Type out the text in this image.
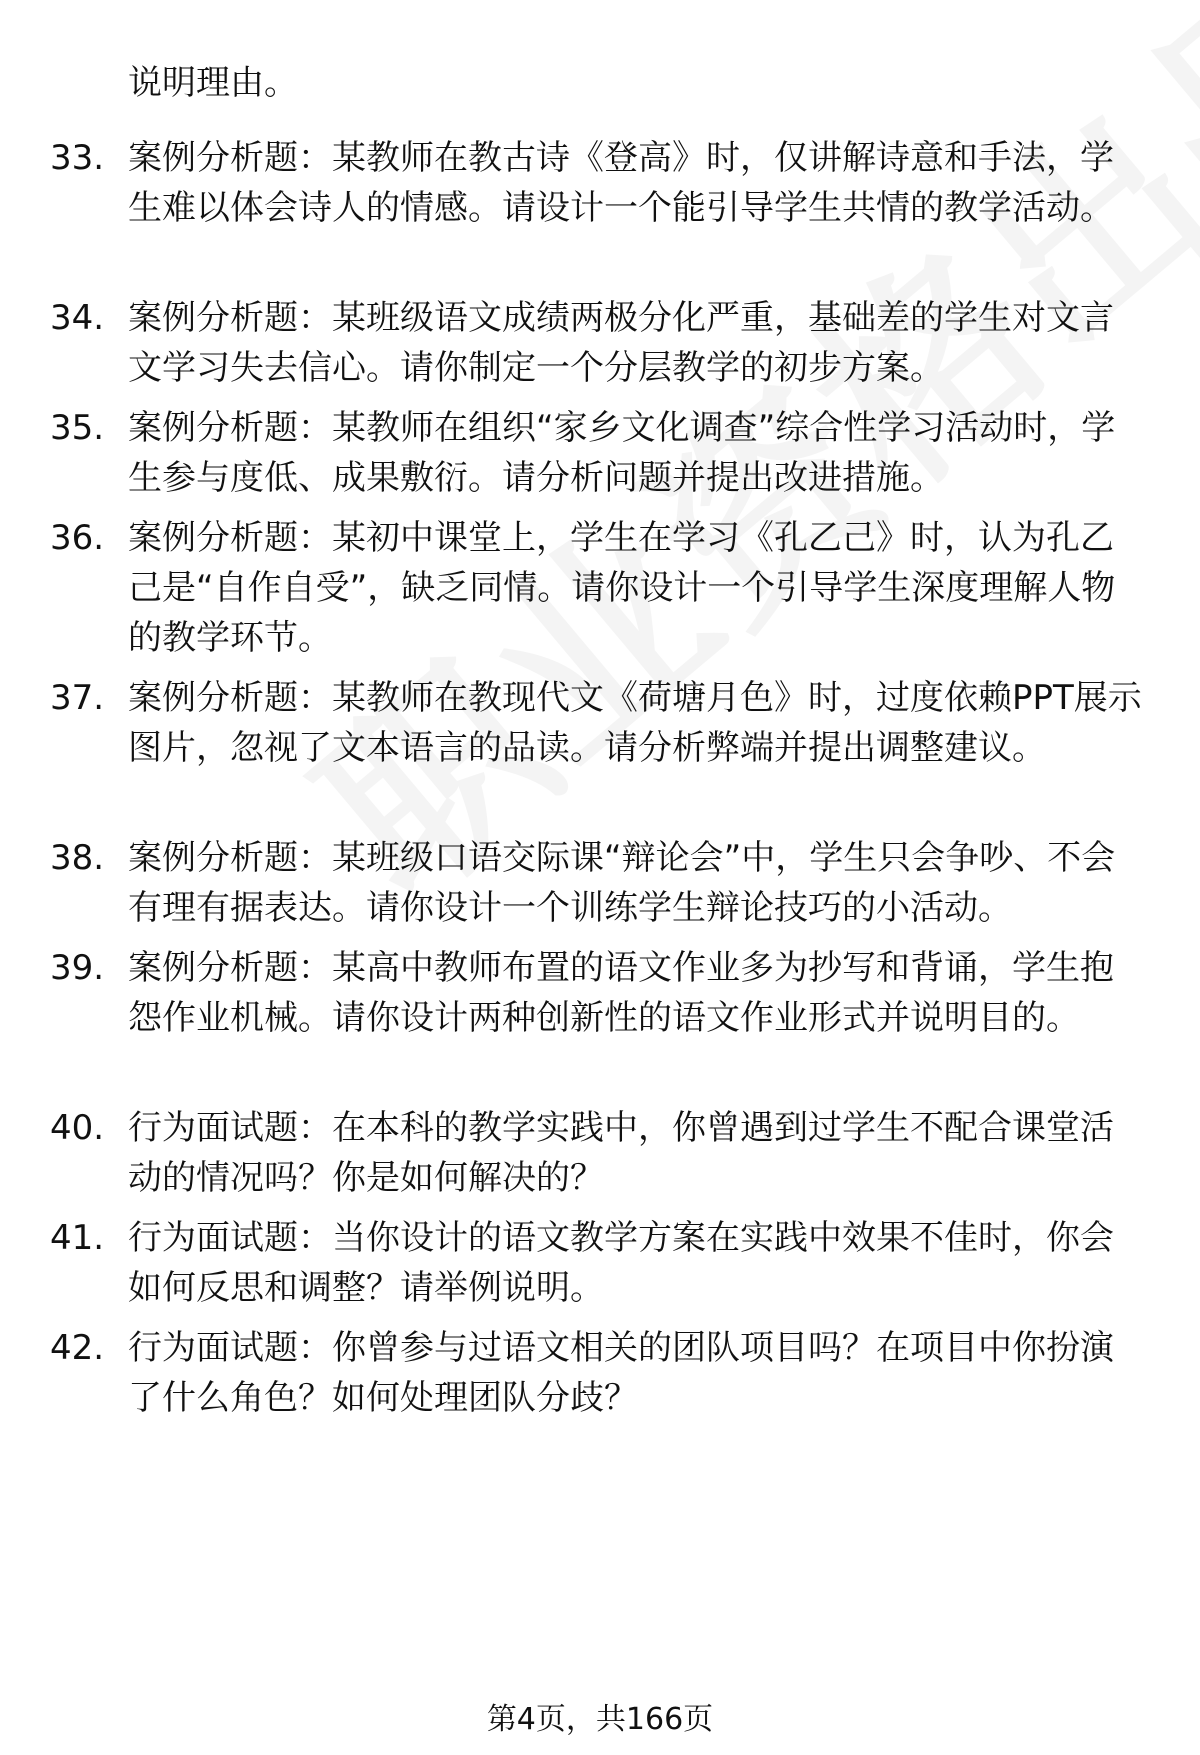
说明理由。

33. 案例分析题：某教师在教古诗《登高》时，仅讲解诗意和手法，学生难以体会诗人的情感。请设计一个能引导学生共情的教学活动。

34. 案例分析题：某班级语文成绩两极分化严重，基础差的学生对文言文学习失去信心。请你制定一个分层教学的初步方案。

35. 案例分析题：某教师在组织“家乡文化调查”综合性学习活动时，学生参与度低、成果敷衍。请分析问题并提出改进措施。

36. 案例分析题：某初中课堂上，学生在学习《孔乙己》时，认为孔乙己是“自作自受”，缺乏同情。请你设计一个引导学生深度理解人物的教学环节。

37. 案例分析题：某教师在教现代文《荷塘月色》时，过度依赖PPT展示图片，忽视了文本语言的品读。请分析弊端并提出调整建议。

38. 案例分析题：某班级口语交际课“辩论会”中，学生只会争吵、不会有理有据表达。请你设计一个训练学生辩论技巧的小活动。

39. 案例分析题：某高中教师布置的语文作业多为抄写和背诵，学生抱怨作业机械。请你设计两种创新性的语文作业形式并说明目的。

40. 行为面试题：在本科的教学实践中，你曾遇到过学生不配合课堂活动的情况吗？你是如何解决的？

41. 行为面试题：当你设计的语文教学方案在实践中效果不佳时，你会如何反思和调整？请举例说明。

42. 行为面试题：你曾参与过语文相关的团队项目吗？在项目中你扮演了什么角色？如何处理团队分歧？

第4页，共166页
